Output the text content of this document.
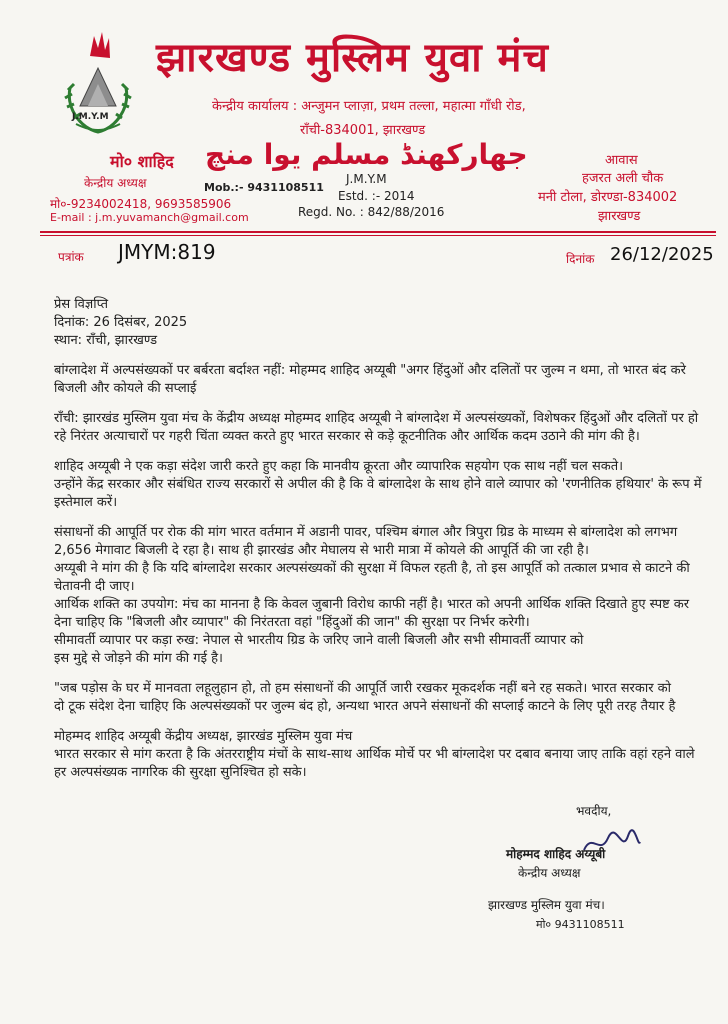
J.M.Y.M
झारखण्ड मुस्लिम युवा मंच
केन्द्रीय कार्यालय : अन्जुमन प्लाज़ा, प्रथम तल्ला, महात्मा गाँधी रोड,
राँची-834001, झारखण्ड
جهارکهنڈ مسلم یوا منچ
मो० शाहिद
केन्द्रीय अध्यक्ष
मो०-9234002418, 9693585906
E-mail : j.m.yuvamanch@gmail.com
Mob.:- 9431108511
J.M.Y.M
Estd. :- 2014
Regd. No. : 842/88/2016
आवास
हजरत अली चौक
मनी टोला, डोरण्डा-834002
झारखण्ड
पत्रांक JMYM:819	दिनांक 26/12/2025

प्रेस विज्ञप्ति

दिनांक: 26 दिसंबर, 2025

स्थान: राँची, झारखण्ड

बांग्लादेश में अल्पसंख्यकों पर बर्बरता बर्दाश्त नहीं: मोहम्मद शाहिद अय्यूबी "अगर हिंदुओं और दलितों पर जुल्म न थमा, तो भारत बंद करे बिजली और कोयले की सप्लाई

राँची: झारखंड मुस्लिम युवा मंच के केंद्रीय अध्यक्ष मोहम्मद शाहिद अय्यूबी ने बांग्लादेश में अल्पसंख्यकों, विशेषकर हिंदुओं और दलितों पर हो रहे निरंतर अत्याचारों पर गहरी चिंता व्यक्त करते हुए भारत सरकार से कड़े कूटनीतिक और आर्थिक कदम उठाने की मांग की है।

शाहिद अय्यूबी ने एक कड़ा संदेश जारी करते हुए कहा कि मानवीय क्रूरता और व्यापारिक सहयोग एक साथ नहीं चल सकते।

उन्होंने केंद्र सरकार और संबंधित राज्य सरकारों से अपील की है कि वे बांग्लादेश के साथ होने वाले व्यापार को 'रणनीतिक हथियार' के रूप में इस्तेमाल करें।

संसाधनों की आपूर्ति पर रोक की मांग भारत वर्तमान में अडानी पावर, पश्चिम बंगाल और त्रिपुरा ग्रिड के माध्यम से बांग्लादेश को लगभग 2,656 मेगावाट बिजली दे रहा है। साथ ही झारखंड और मेघालय से भारी मात्रा में कोयले की आपूर्ति की जा रही है।

अय्यूबी ने मांग की है कि यदि बांग्लादेश सरकार अल्पसंख्यकों की सुरक्षा में विफल रहती है, तो इस आपूर्ति को तत्काल प्रभाव से काटने की चेतावनी दी जाए।

आर्थिक शक्ति का उपयोग: मंच का मानना है कि केवल जुबानी विरोध काफी नहीं है। भारत को अपनी आर्थिक शक्ति दिखाते हुए स्पष्ट कर देना चाहिए कि "बिजली और व्यापार" की निरंतरता वहां "हिंदुओं की जान" की सुरक्षा पर निर्भर करेगी।

सीमावर्ती व्यापार पर कड़ा रुख: नेपाल से भारतीय ग्रिड के जरिए जाने वाली बिजली और सभी सीमावर्ती व्यापार को इस मुद्दे से जोड़ने की मांग की गई है।

"जब पड़ोस के घर में मानवता लहूलुहान हो, तो हम संसाधनों की आपूर्ति जारी रखकर मूकदर्शक नहीं बने रह सकते। भारत सरकार को दो टूक संदेश देना चाहिए कि अल्पसंख्यकों पर जुल्म बंद हो, अन्यथा भारत अपने संसाधनों की सप्लाई काटने के लिए पूरी तरह तैयार है

मोहम्मद शाहिद अय्यूबी केंद्रीय अध्यक्ष, झारखंड मुस्लिम युवा मंच

भारत सरकार से मांग करता है कि अंतरराष्ट्रीय मंचों के साथ-साथ आर्थिक मोर्चे पर भी बांग्लादेश पर दबाव बनाया जाए ताकि वहां रहने वाले हर अल्पसंख्यक नागरिक की सुरक्षा सुनिश्चित हो सके।

भवदीय,
मोहम्मद शाहिद अय्यूबी
केन्द्रीय अध्यक्ष
झारखण्ड मुस्लिम युवा मंच।
मो० 9431108511
